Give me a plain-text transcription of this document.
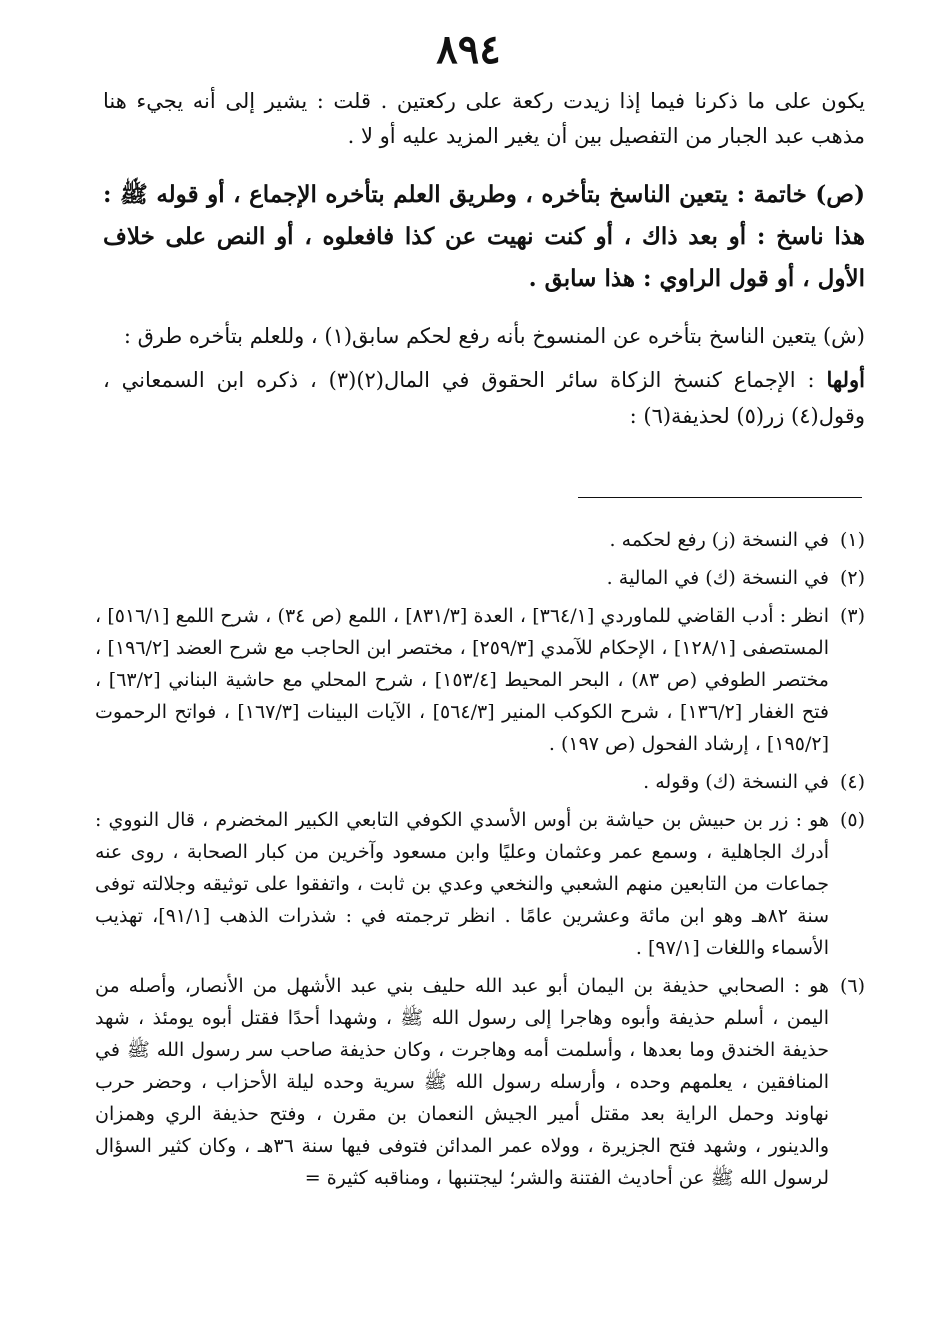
٨٩٤

يكون على ما ذكرنا فيما إذا زيدت ركعة على ركعتين . قلت : يشير إلى أنه يجيء هنا مذهب عبد الجبار من التفصيل بين أن يغير المزيد عليه أو لا .

(ص) خاتمة : يتعين الناسخ بتأخره ، وطريق العلم بتأخره الإجماع ، أو قوله ﷺ : هذا ناسخ : أو بعد ذاك ، أو كنت نهيت عن كذا فافعلوه ، أو النص على خلاف الأول ، أو قول الراوي : هذا سابق .

(ش) يتعين الناسخ بتأخره عن المنسوخ بأنه رفع لحكم سابق(١) ، وللعلم بتأخره طرق :

أولها : الإجماع كنسخ الزكاة سائر الحقوق في المال(٢)(٣) ، ذكره ابن السمعاني ، وقول(٤) زر(٥) لحذيفة(٦) :

(١)
في النسخة (ز) رفع لحكمه .
(٢)
في النسخة (ك) في المالية .
(٣)
انظر : أدب القاضي للماوردي [٣٦٤/١] ، العدة [٨٣١/٣] ، اللمع (ص ٣٤) ، شرح اللمع [٥١٦/١] ، المستصفى [١٢٨/١] ، الإحكام للآمدي [٢٥٩/٣] ، مختصر ابن الحاجب مع شرح العضد [١٩٦/٢] ، مختصر الطوفي (ص ٨٣) ، البحر المحيط [١٥٣/٤] ، شرح المحلي مع حاشية البناني [٦٣/٢] ، فتح الغفار [١٣٦/٢] ، شرح الكوكب المنير [٥٦٤/٣] ، الآيات البينات [١٦٧/٣] ، فواتح الرحموت [١٩٥/٢] ، إرشاد الفحول (ص ١٩٧) .
(٤)
في النسخة (ك) وقوله .
(٥)
هو : زر بن حبيش بن حياشة بن أوس الأسدي الكوفي التابعي الكبير المخضرم ، قال النووي : أدرك الجاهلية ، وسمع عمر وعثمان وعليًا وابن مسعود وآخرين من كبار الصحابة ، روى عنه جماعات من التابعين منهم الشعبي والنخعي وعدي بن ثابت ، واتفقوا على توثيقه وجلالته توفى سنة ٨٢هـ وهو ابن مائة وعشرين عامًا . انظر ترجمته في : شذرات الذهب [٩١/١]، تهذيب الأسماء واللغات [٩٧/١] .
(٦)
هو : الصحابي حذيفة بن اليمان أبو عبد الله حليف بني عبد الأشهل من الأنصار، وأصله من اليمن ، أسلم حذيفة وأبوه وهاجرا إلى رسول الله ﷺ ، وشهدا أحدًا فقتل أبوه يومئذ ، شهد حذيفة الخندق وما بعدها ، وأسلمت أمه وهاجرت ، وكان حذيفة صاحب سر رسول الله ﷺ في المنافقين ، يعلمهم وحده ، وأرسله رسول الله ﷺ سرية وحده ليلة الأحزاب ، وحضر حرب نهاوند وحمل الراية بعد مقتل أمير الجيش النعمان بن مقرن ، وفتح حذيفة الري وهمزان والدينور ، وشهد فتح الجزيرة ، وولاه عمر المدائن فتوفى فيها سنة ٣٦هـ ، وكان كثير السؤال لرسول الله ﷺ عن أحاديث الفتنة والشر؛ ليجتنبها ، ومناقبه كثيرة =
